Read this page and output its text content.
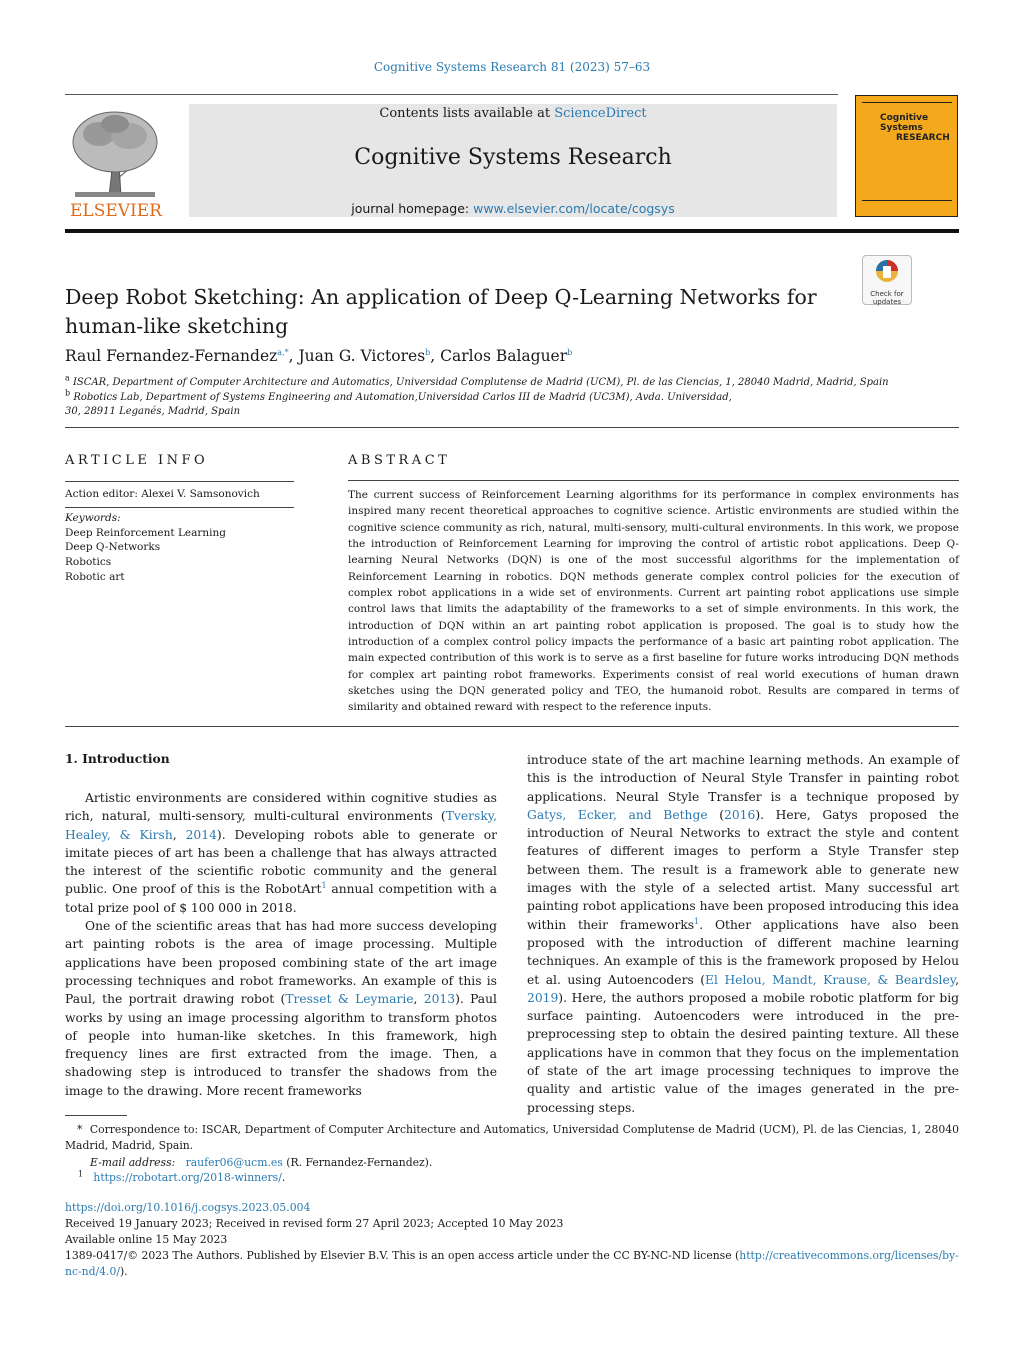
Cognitive Systems Research 81 (2023) 57–63
ELSEVIER
Contents lists available at ScienceDirect
Cognitive Systems Research
journal homepage: www.elsevier.com/locate/cogsys
Cognitive Systems
RESEARCH
Check for updates
Deep Robot Sketching: An application of Deep Q-Learning Networks for human-like sketching
Raul Fernandez-Fernandez$^{a,*}$, Juan G. Victores$^b$, Carlos Balaguer$^b$
$^a$ ISCAR, Department of Computer Architecture and Automatics, Universidad Complutense de Madrid (UCM), Pl. de las Ciencias, 1, 28040 Madrid, Madrid, Spain
$^b$ Robotics Lab, Department of Systems Engineering and Automation,Universidad Carlos III de Madrid (UC3M), Avda. Universidad,
30, 28911 Leganés, Madrid, Spain
ARTICLE INFO
Action editor: Alexei V. Samsonovich
Keywords:
Deep Reinforcement Learning
Deep Q-Networks
Robotics
Robotic art
ABSTRACT
The current success of Reinforcement Learning algorithms for its performance in complex environments has inspired many recent theoretical approaches to cognitive science. Artistic environments are studied within the cognitive science community as rich, natural, multi-sensory, multi-cultural environments. In this work, we propose the introduction of Reinforcement Learning for improving the control of artistic robot applications. Deep Q-learning Neural Networks (DQN) is one of the most successful algorithms for the implementation of Reinforcement Learning in robotics. DQN methods generate complex control policies for the execution of complex robot applications in a wide set of environments. Current art painting robot applications use simple control laws that limits the adaptability of the frameworks to a set of simple environments. In this work, the introduction of DQN within an art painting robot application is proposed. The goal is to study how the introduction of a complex control policy impacts the performance of a basic art painting robot application. The main expected contribution of this work is to serve as a first baseline for future works introducing DQN methods for complex art painting robot frameworks. Experiments consist of real world executions of human drawn sketches using the DQN generated policy and TEO, the humanoid robot. Results are compared in terms of similarity and obtained reward with respect to the reference inputs.
1. Introduction

Artistic environments are considered within cognitive studies as rich, natural, multi-sensory, multi-cultural environments (Tversky, Healey, & Kirsh, 2014). Developing robots able to generate or imitate pieces of art has been a challenge that has always attracted the interest of the scientific robotic community and the general public. One proof of this is the RobotArt$^1$ annual competition with a total prize pool of $ 100 000 in 2018.

One of the scientific areas that has had more success developing art painting robots is the area of image processing. Multiple applications have been proposed combining state of the art image processing techniques and robot frameworks. An example of this is Paul, the portrait drawing robot (Tresset & Leymarie, 2013). Paul works by using an image processing algorithm to transform photos of people into human-like sketches. In this framework, high frequency lines are first extracted from the image. Then, a shadowing step is introduced to transfer the shadows from the image to the drawing. More recent frameworks

introduce state of the art machine learning methods. An example of this is the introduction of Neural Style Transfer in painting robot applications. Neural Style Transfer is a technique proposed by Gatys, Ecker, and Bethge (2016). Here, Gatys proposed the introduction of Neural Networks to extract the style and content features of different images to perform a Style Transfer step between them. The result is a framework able to generate new images with the style of a selected artist. Many successful art painting robot applications have been proposed introducing this idea within their frameworks$^1$. Other applications have also been proposed with the introduction of different machine learning techniques. An example of this is the framework proposed by Helou et al. using Autoencoders (El Helou, Mandt, Krause, & Beardsley, 2019). Here, the authors proposed a mobile robotic platform for big surface painting. Autoencoders were introduced in the pre-preprocessing step to obtain the desired painting texture. All these applications have in common that they focus on the implementation of state of the art image processing techniques to improve the quality and artistic value of the images generated in the pre-processing steps.

* Correspondence to: ISCAR, Department of Computer Architecture and Automatics, Universidad Complutense de Madrid (UCM), Pl. de las Ciencias, 1, 28040 Madrid, Madrid, Spain.
E-mail address: raufer06@ucm.es (R. Fernandez-Fernandez).
$^1$ https://robotart.org/2018-winners/.
https://doi.org/10.1016/j.cogsys.2023.05.004
Received 19 January 2023; Received in revised form 27 April 2023; Accepted 10 May 2023
Available online 15 May 2023
1389-0417/© 2023 The Authors. Published by Elsevier B.V. This is an open access article under the CC BY-NC-ND license (http://creativecommons.org/licenses/by-nc-nd/4.0/).
